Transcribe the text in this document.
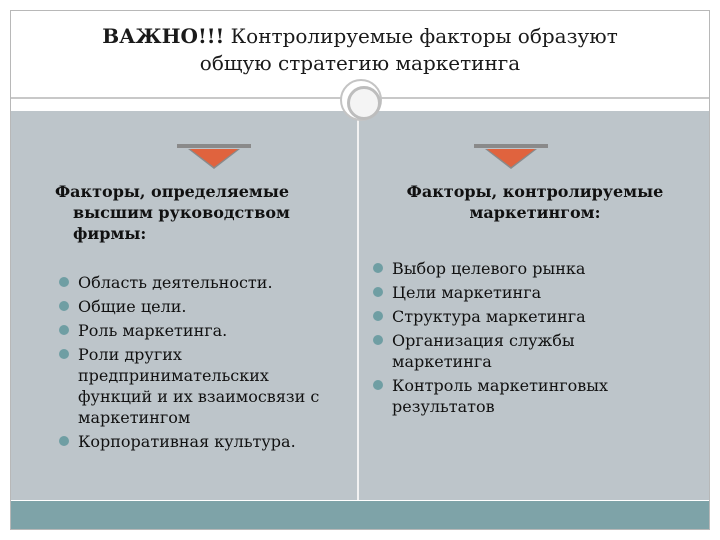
ВАЖНО!!! Контролируемые факторы образуют
общую стратегию маркетинга
Факторы, определяемые
высшим руководством фирмы:
Факторы, контролируемые маркетингом:
Область деятельности.
Общие цели.
Роль маркетинга.
Роли других предпринимательских функций и их взаимосвязи с маркетингом
Корпоративная культура.
Выбор целевого рынка
Цели маркетинга
Структура маркетинга
Организация службы маркетинга
Контроль маркетинговых результатов
